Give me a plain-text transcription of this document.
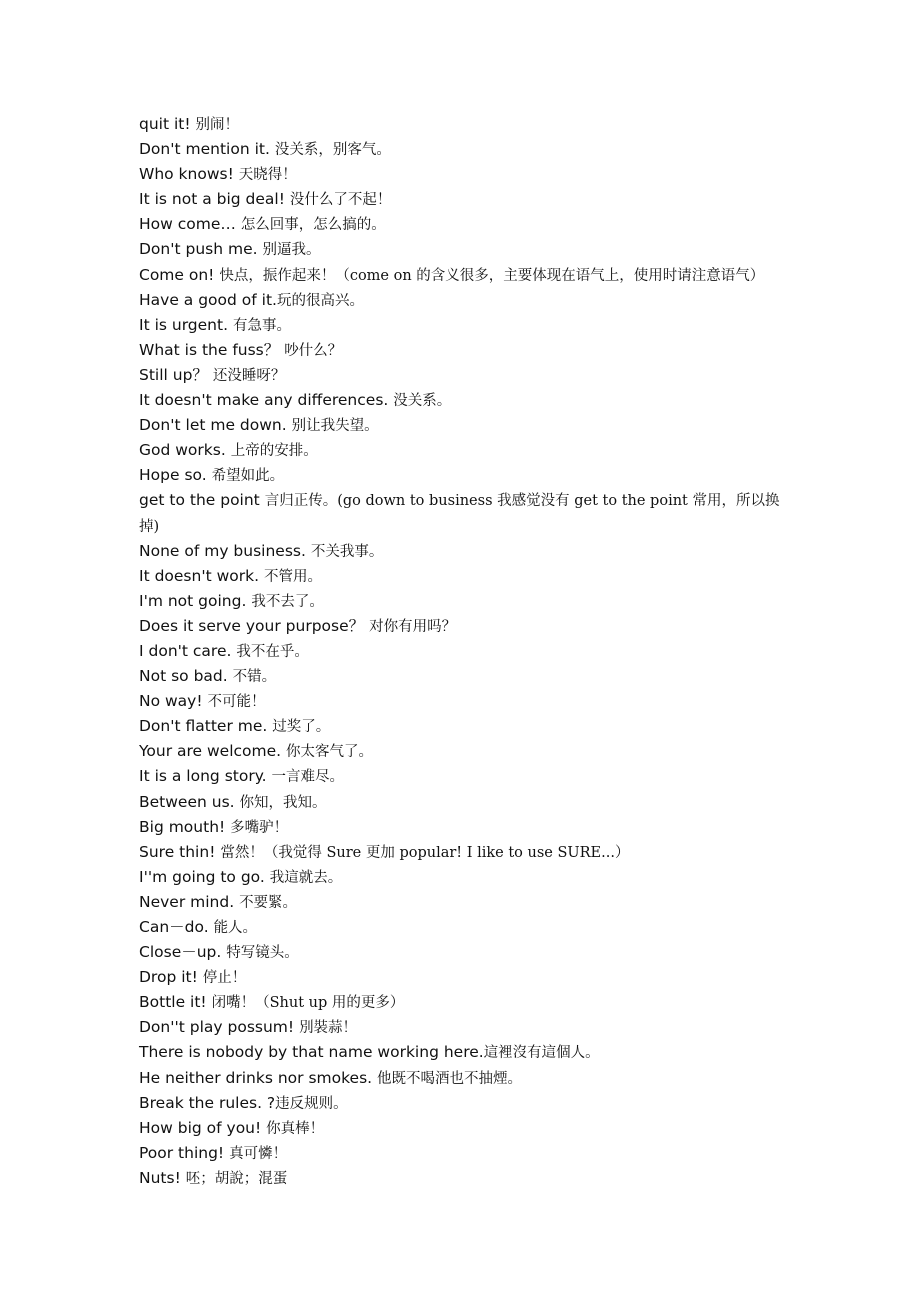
quit it! 别闹！
Don't mention it. 没关系，别客气。
Who knows! 天晓得！
It is not a big deal! 没什么了不起！
How come… 怎么回事，怎么搞的。
Don't push me. 别逼我。
Come on! 快点，振作起来！（come on 的含义很多，主要体现在语气上，使用时请注意语气）
Have a good of it.玩的很高兴。
It is urgent. 有急事。
What is the fuss？ 吵什么？
Still up？ 还没睡呀？
It doesn't make any differences. 没关系。
Don't let me down. 别让我失望。
God works. 上帝的安排。
Hope so. 希望如此。
get to the point 言归正传。(go down to business 我感觉没有 get to the point 常用，所以换掉)
None of my business. 不关我事。
It doesn't work. 不管用。
I'm not going. 我不去了。
Does it serve your purpose？ 对你有用吗？
I don't care. 我不在乎。
Not so bad. 不错。
No way! 不可能！
Don't flatter me. 过奖了。
Your are welcome. 你太客气了。
It is a long story. 一言难尽。
Between us. 你知，我知。
Big mouth! 多嘴驴！
Sure thin! 當然！（我觉得 Sure 更加 popular! I like to use SURE...）
I''m going to go. 我這就去。
Never mind. 不要緊。
Can－do. 能人。
Close－up. 特写镜头。
Drop it! 停止！
Bottle it! 闭嘴！（Shut up 用的更多）
Don''t play possum! 別裝蒜！
There is nobody by that name working here.這裡沒有這個人。
He neither drinks nor smokes. 他既不喝酒也不抽煙。
Break the rules. ?违反规则。
How big of you! 你真棒！
Poor thing! 真可憐！
Nuts! 呸；胡說；混蛋
